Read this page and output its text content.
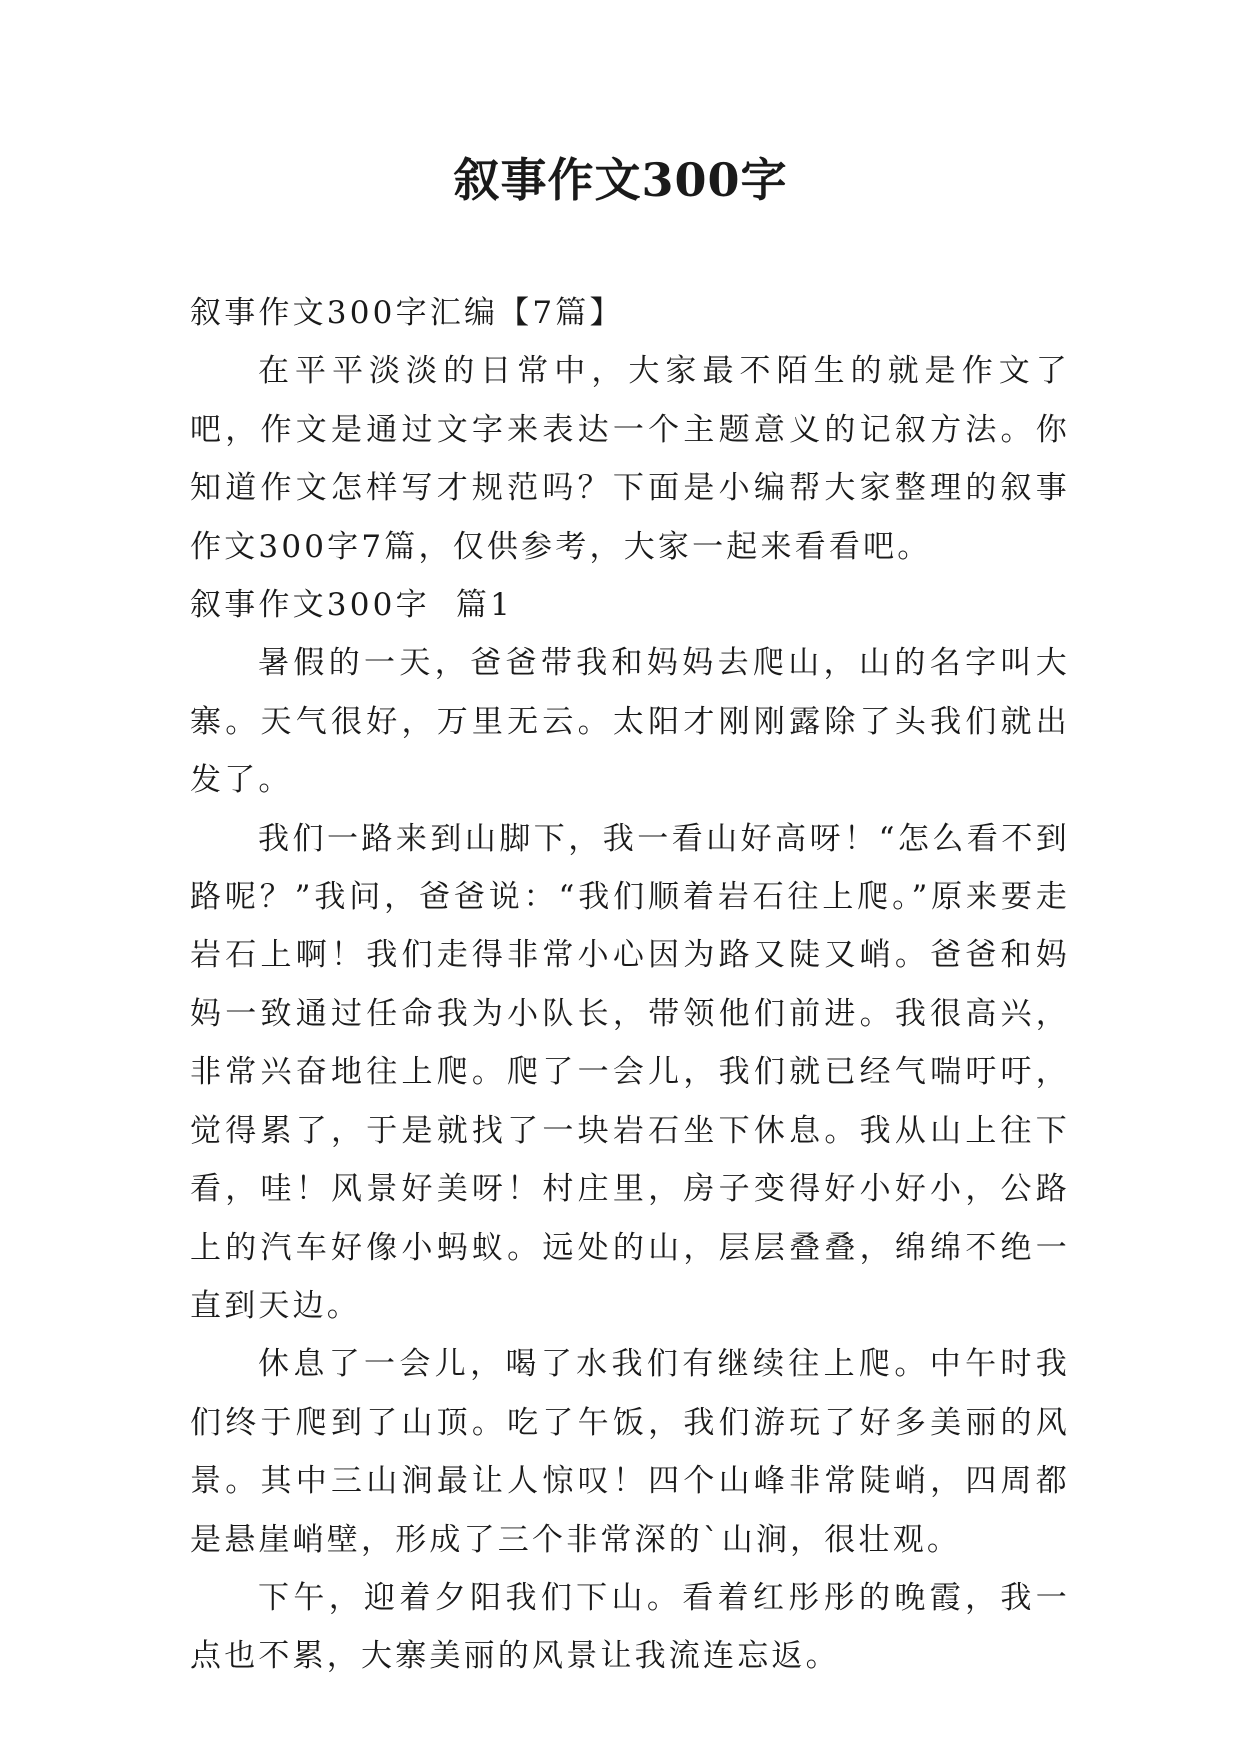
叙事作文300字

叙事作文300字汇编【7篇】

在平平淡淡的日常中，大家最不陌生的就是作文了吧，作文是通过文字来表达一个主题意义的记叙方法。你知道作文怎样写才规范吗？下面是小编帮大家整理的叙事作文300字7篇，仅供参考，大家一起来看看吧。

叙事作文300字  篇1

暑假的一天，爸爸带我和妈妈去爬山，山的名字叫大寨。天气很好，万里无云。太阳才刚刚露除了头我们就出发了。

我们一路来到山脚下，我一看山好高呀！“怎么看不到路呢？”我问，爸爸说：“我们顺着岩石往上爬。”原来要走岩石上啊！我们走得非常小心因为路又陡又峭。爸爸和妈妈一致通过任命我为小队长，带领他们前进。我很高兴，非常兴奋地往上爬。爬了一会儿，我们就已经气喘吁吁，觉得累了，于是就找了一块岩石坐下休息。我从山上往下看，哇！风景好美呀！村庄里，房子变得好小好小，公路上的汽车好像小蚂蚁。远处的山，层层叠叠，绵绵不绝一直到天边。

休息了一会儿，喝了水我们有继续往上爬。中午时我们终于爬到了山顶。吃了午饭，我们游玩了好多美丽的风景。其中三山涧最让人惊叹！四个山峰非常陡峭，四周都是悬崖峭壁，形成了三个非常深的`山涧，很壮观。

下午，迎着夕阳我们下山。看着红彤彤的晚霞，我一点也不累，大寨美丽的风景让我流连忘返。
